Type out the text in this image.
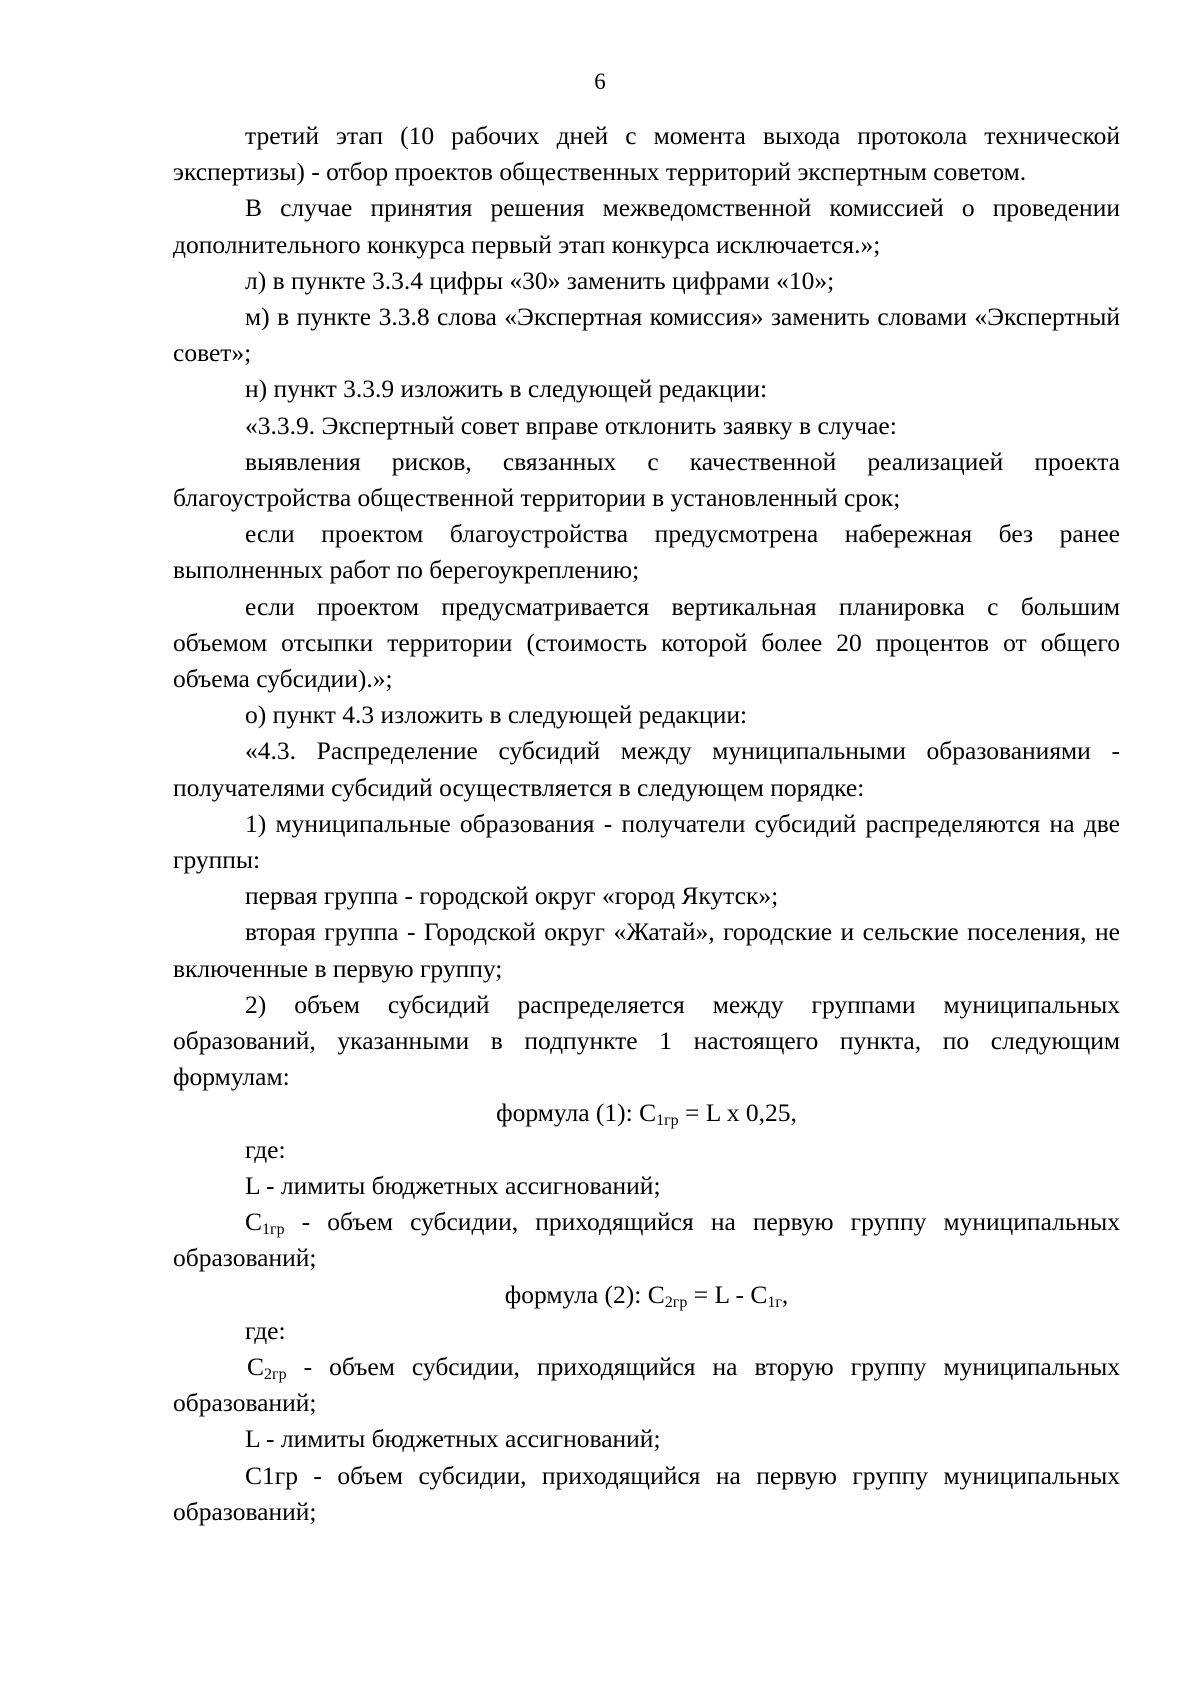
6

третий этап (10 рабочих дней с момента выхода протокола технической экспертизы) - отбор проектов общественных территорий экспертным советом.

В случае принятия решения межведомственной комиссией о проведении дополнительного конкурса первый этап конкурса исключается.»;

л) в пункте 3.3.4 цифры «30» заменить цифрами «10»;

м) в пункте 3.3.8 слова «Экспертная комиссия» заменить словами «Экспертный совет»;

н) пункт 3.3.9 изложить в следующей редакции:

«3.3.9. Экспертный совет вправе отклонить заявку в случае:

выявления рисков, связанных с качественной реализацией проекта благоустройства общественной территории в установленный срок;

если проектом благоустройства предусмотрена набережная без ранее выполненных работ по берегоукреплению;

если проектом предусматривается вертикальная планировка с большим объемом отсыпки территории (стоимость которой более 20 процентов от общего объема субсидии).»;

о) пункт 4.3 изложить в следующей редакции:

«4.3. Распределение субсидий между муниципальными образованиями - получателями субсидий осуществляется в следующем порядке:

1) муниципальные образования - получатели субсидий распределяются на две группы:

первая группа - городской округ «город Якутск»;

вторая группа - Городской округ «Жатай», городские и сельские поселения, не включенные в первую группу;

2) объем субсидий распределяется между группами муниципальных образований, указанными в подпункте 1 настоящего пункта, по следующим формулам:

формула (1): $C_{1гр} = L$ х 0,25,

где:

L - лимиты бюджетных ассигнований;

$C_{1гр}$ - объем субсидии, приходящийся на первую группу муниципальных образований;

формула (2): $C_{2гр} = L - C_{1г}$,

где:

$C_{2гр}$ - объем субсидии, приходящийся на вторую группу муниципальных образований;

L - лимиты бюджетных ассигнований;

C1гр - объем субсидии, приходящийся на первую группу муниципальных образований;
